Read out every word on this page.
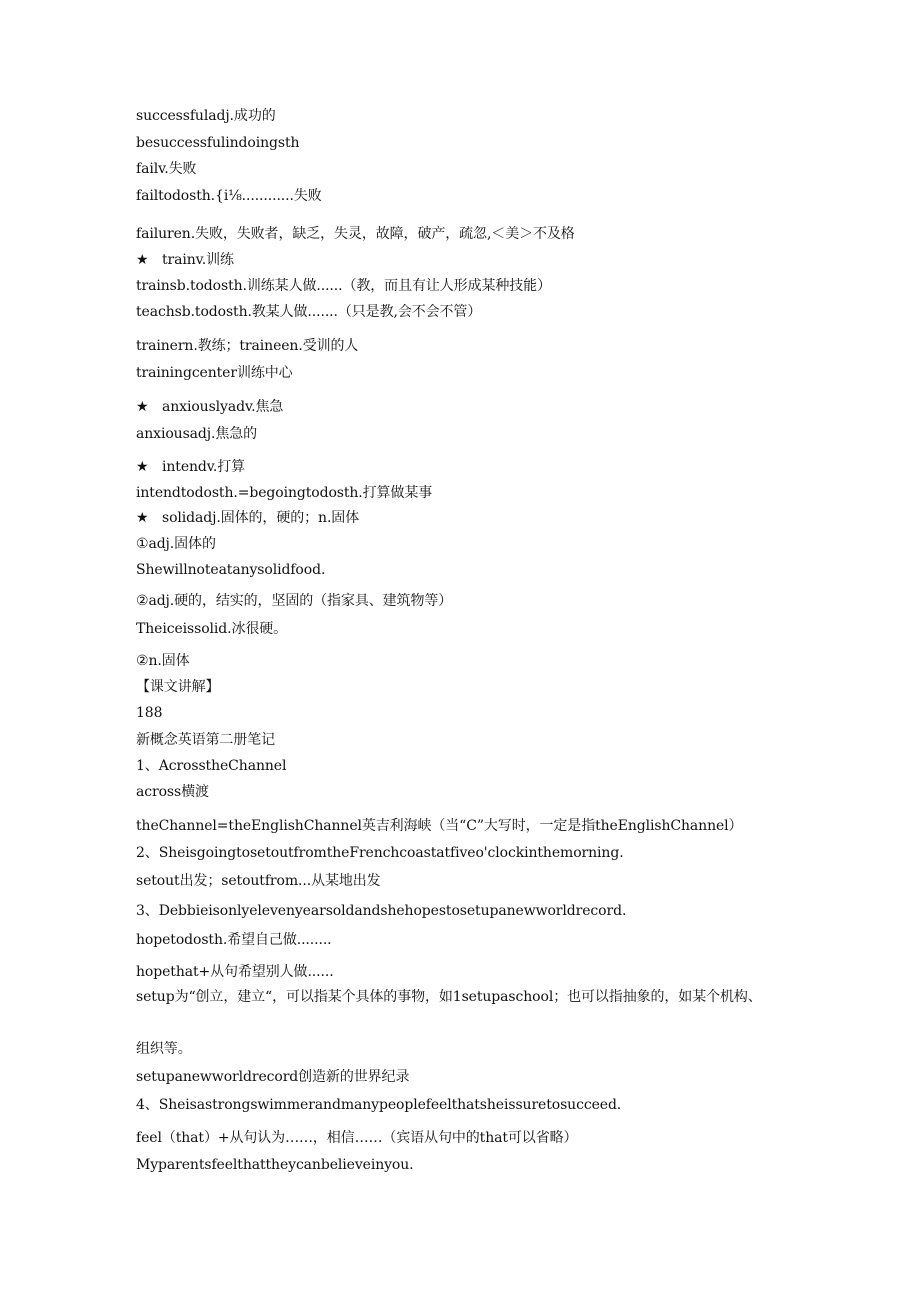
successfuladj.成功的
besuccessfulindoingsth
failv.失败
failtodosth.{i⅛............失败
failuren.失败，失败者，缺乏，失灵，故障，破产，疏忽,＜美＞不及格
★ trainv.训练
trainsb.todosth.训练某人做......（教，而且有让人形成某种技能）
teachsb.todosth.教某人做.......（只是教,会不会不管）
trainern.教练；traineen.受训的人
trainingcenter训练中心
★ anxiouslyadv.焦急
anxiousadj.焦急的
★ intendv.打算
intendtodosth.=begoingtodosth.打算做某事
★ solidadj.固体的，硬的；n.固体
①adj.固体的
Shewillnoteatanysolidfood.
②adj.硬的，结实的，坚固的（指家具、建筑物等）
Theiceissolid.冰很硬。
②n.固体
【课文讲解】
188
新概念英语第二册笔记
1、AcrosstheChannel
across横渡
theChannel=theEnglishChannel英吉利海峡（当“C”大写时，一定是指theEnglishChannel）
2、SheisgoingtosetoutfromtheFrenchcoastatfiveo'clockinthemorning.
setout出发；setoutfrom...从某地出发
3、Debbieisonlyelevenyearsoldandshehopestosetupanewworldrecord.
hopetodosth.希望自己做........
hopethat+从句希望别人做......
setup为“创立，建立“，可以指某个具体的事物，如1setupaschool；也可以指抽象的，如某个机构、
组织等。
setupanewworldrecord创造新的世界纪录
4、Sheisastrongswimmerandmanypeoplefeelthatsheissuretosucceed.
feel（that）+从句认为……，相信……（宾语从句中的that可以省略）
Myparentsfeelthattheycanbelieveinyou.
